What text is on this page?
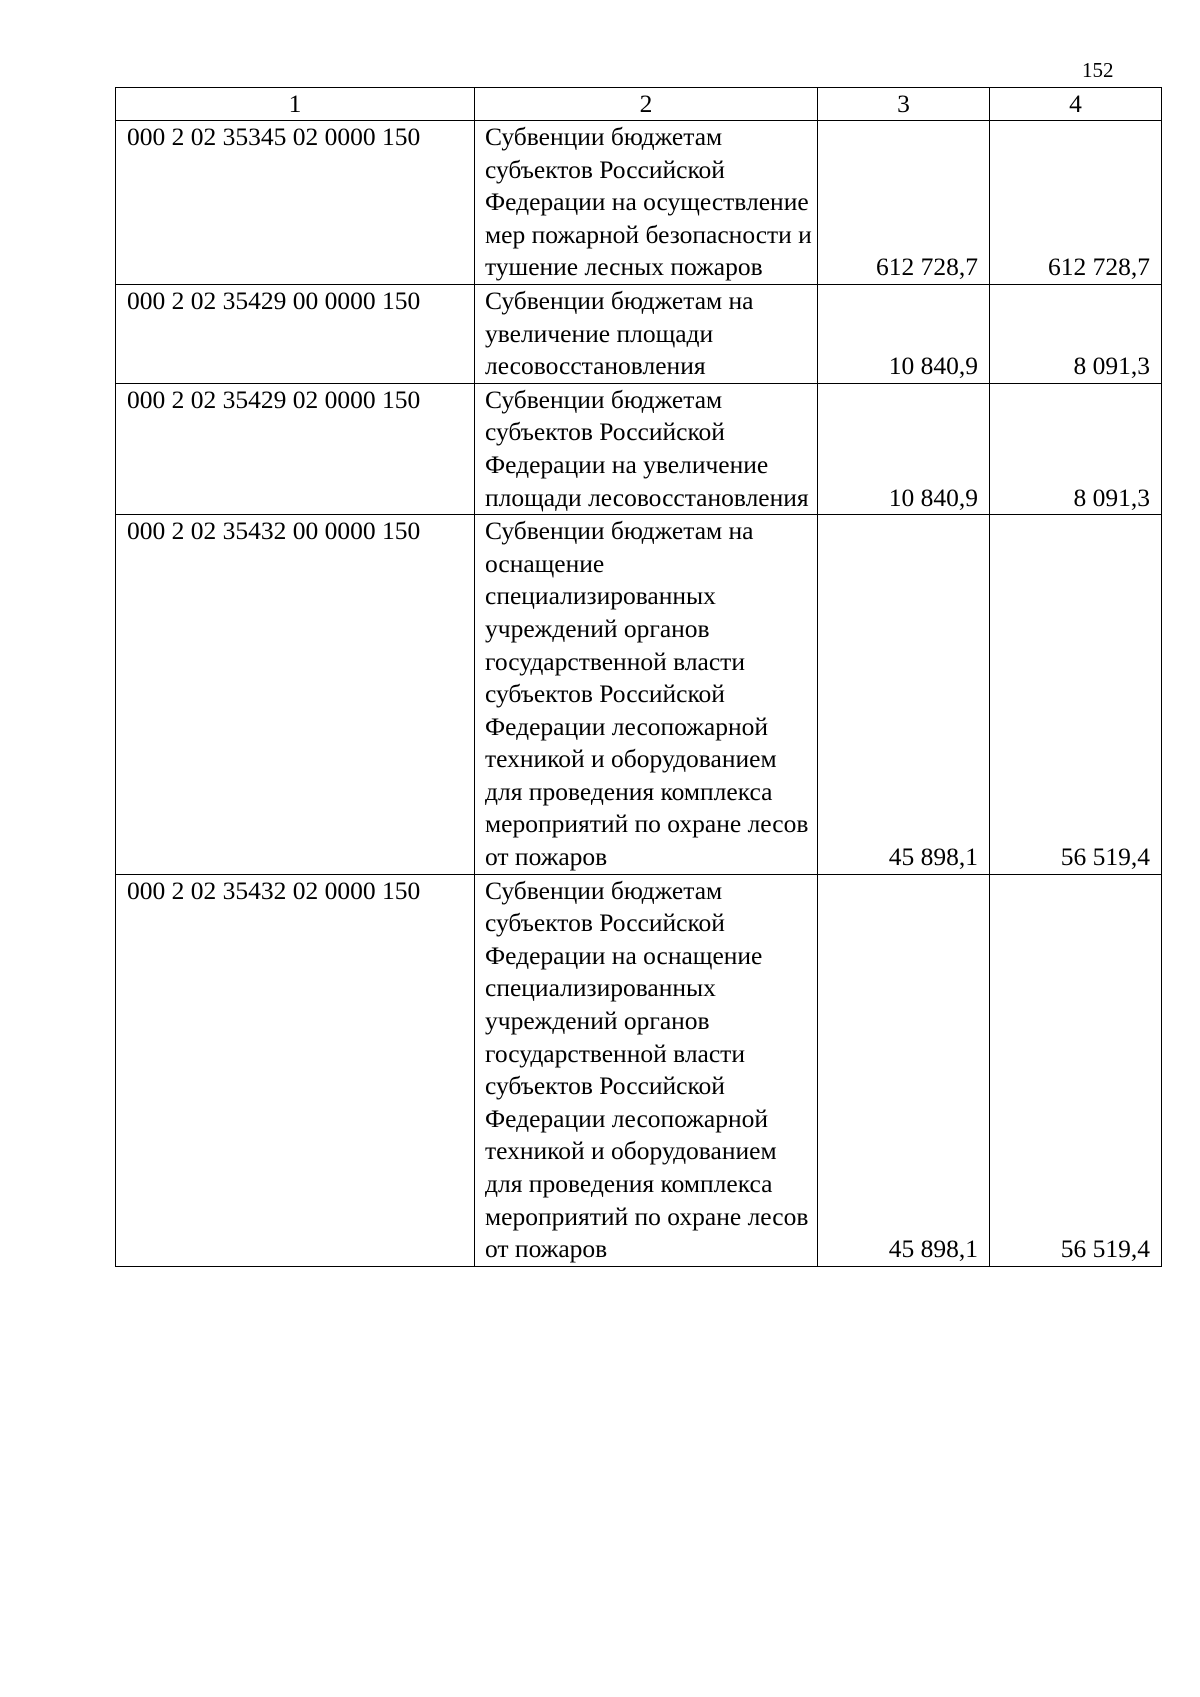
152
1	2	3	4
000 2 02 35345 02 0000 150	Субвенции бюджетам субъектов Российской Федерации на осуществление мер пожарной безопасности и тушение лесных пожаров	612 728,7	612 728,7
000 2 02 35429 00 0000 150	Субвенции бюджетам на увеличение площади лесовосстановления	10 840,9	8 091,3
000 2 02 35429 02 0000 150	Субвенции бюджетам субъектов Российской Федерации на увеличение площади лесовосстановления	10 840,9	8 091,3
000 2 02 35432 00 0000 150	Субвенции бюджетам на оснащение специализированных учреждений органов государственной власти субъектов Российской Федерации лесопожарной техникой и оборудованием для проведения комплекса мероприятий по охране лесов от пожаров	45 898,1	56 519,4
000 2 02 35432 02 0000 150	Субвенции бюджетам субъектов Российской Федерации на оснащение специализированных учреждений органов государственной власти субъектов Российской Федерации лесопожарной техникой и оборудованием для проведения комплекса мероприятий по охране лесов от пожаров	45 898,1	56 519,4
